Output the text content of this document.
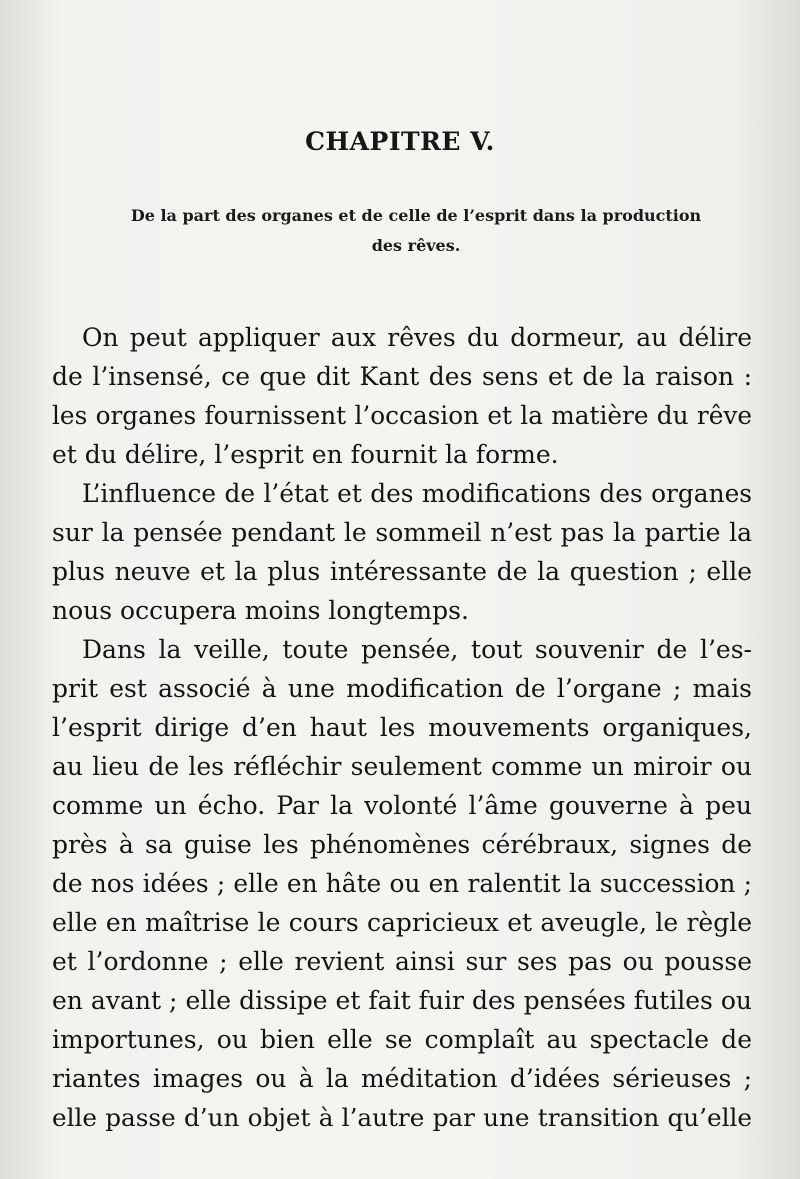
CHAPITRE V.
De la part des organes et de celle de l’esprit dans la production
des rêves.
On peut appliquer aux rêves du dormeur, au délire
de l’insensé, ce que dit Kant des sens et de la raison :
les organes fournissent l’occasion et la matière du rêve
et du délire, l’esprit en fournit la forme.
L’influence de l’état et des modifications des organes
sur la pensée pendant le sommeil n’est pas la partie la
plus neuve et la plus intéressante de la question ; elle
nous occupera moins longtemps.
Dans la veille, toute pensée, tout souvenir de l’es-
prit est associé à une modification de l’organe ; mais
l’esprit dirige d’en haut les mouvements organiques,
au lieu de les réfléchir seulement comme un miroir ou
comme un écho. Par la volonté l’âme gouverne à peu
près à sa guise les phénomènes cérébraux, signes de
de nos idées ; elle en hâte ou en ralentit la succession ;
elle en maîtrise le cours capricieux et aveugle, le règle
et l’ordonne ; elle revient ainsi sur ses pas ou pousse
en avant ; elle dissipe et fait fuir des pensées futiles ou
importunes, ou bien elle se complaît au spectacle de
riantes images ou à la méditation d’idées sérieuses ;
elle passe d’un objet à l’autre par une transition qu’elle
